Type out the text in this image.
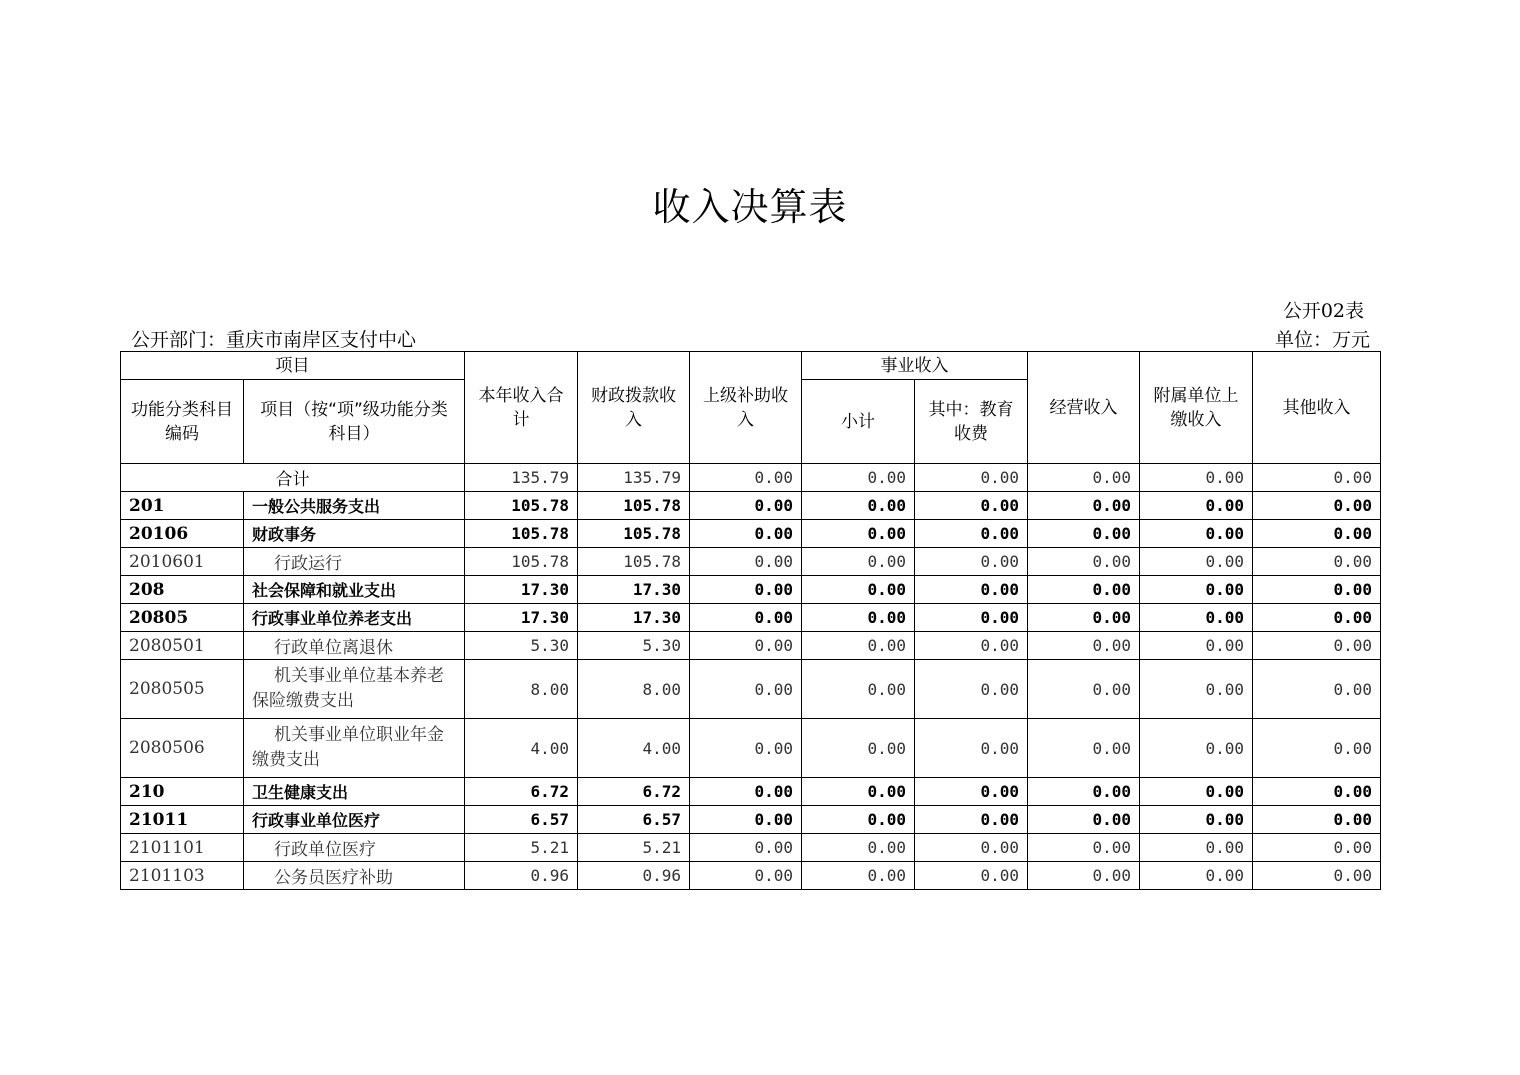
收入决算表
公开02表
公开部门：重庆市南岸区支付中心	单位：万元
项目		本年收入合计	财政拨款收入	上级补助收入	事业收入		经营收入	附属单位上缴收入	其他收入
功能分类科目编码	项目（按“项”级功能分类科目）				小计	其中：教育收费			
合计		135.79	135.79	0.00	0.00	0.00	0.00	0.00	0.00
201	一般公共服务支出	105.78	105.78	0.00	0.00	0.00	0.00	0.00	0.00
20106	财政事务	105.78	105.78	0.00	0.00	0.00	0.00	0.00	0.00
2010601	行政运行	105.78	105.78	0.00	0.00	0.00	0.00	0.00	0.00
208	社会保障和就业支出	17.30	17.30	0.00	0.00	0.00	0.00	0.00	0.00
20805	行政事业单位养老支出	17.30	17.30	0.00	0.00	0.00	0.00	0.00	0.00
2080501	行政单位离退休	5.30	5.30	0.00	0.00	0.00	0.00	0.00	0.00
2080505	机关事业单位基本养老保险缴费支出	8.00	8.00	0.00	0.00	0.00	0.00	0.00	0.00
2080506	机关事业单位职业年金缴费支出	4.00	4.00	0.00	0.00	0.00	0.00	0.00	0.00
210	卫生健康支出	6.72	6.72	0.00	0.00	0.00	0.00	0.00	0.00
21011	行政事业单位医疗	6.57	6.57	0.00	0.00	0.00	0.00	0.00	0.00
2101101	行政单位医疗	5.21	5.21	0.00	0.00	0.00	0.00	0.00	0.00
2101103	公务员医疗补助	0.96	0.96	0.00	0.00	0.00	0.00	0.00	0.00
